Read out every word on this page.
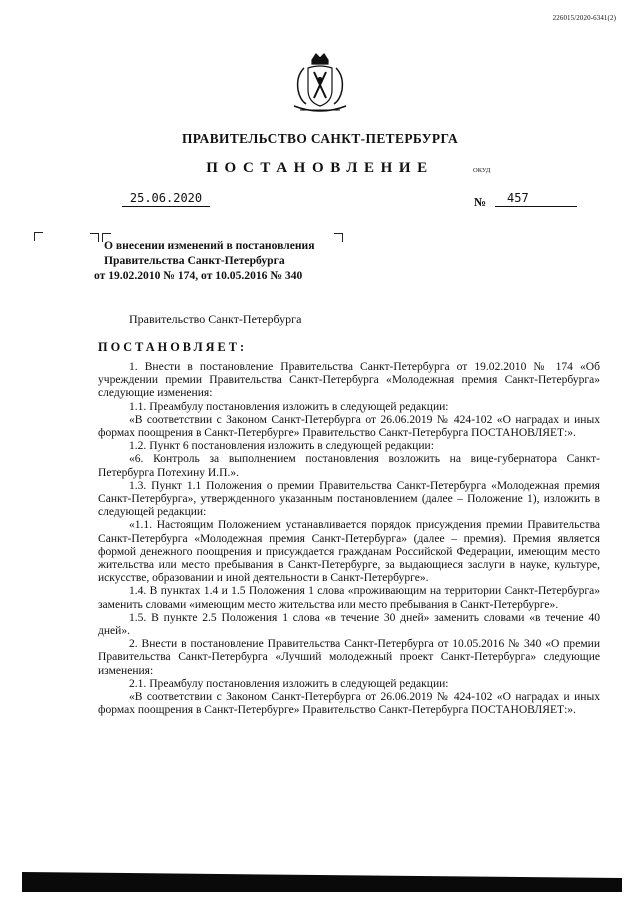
226015/2020-6341(2)
ПРАВИТЕЛЬСТВО САНКТ-ПЕТЕРБУРГА
ПОСТАНОВЛЕНИЕ	ОКУД
25.06.2020	№	457
О внесении изменений в постановления
Правительства Санкт-Петербурга
от 19.02.2010 № 174, от 10.05.2016 № 340
Правительство Санкт-Петербурга
ПОСТАНОВЛЯЕТ:

1. Внести в постановление Правительства Санкт-Петербурга от 19.02.2010 № 174 «Об учреждении премии Правительства Санкт-Петербурга «Молодежная премия Санкт-Петербурга» следующие изменения:

1.1. Преамбулу постановления изложить в следующей редакции:

«В соответствии с Законом Санкт-Петербурга от 26.06.2019 № 424-102 «О наградах и иных формах поощрения в Санкт-Петербурге» Правительство Санкт-Петербурга ПОСТАНОВЛЯЕТ:».

1.2. Пункт 6 постановления изложить в следующей редакции:

«6. Контроль за выполнением постановления возложить на вице-губернатора Санкт-Петербурга Потехину И.П.».

1.3. Пункт 1.1 Положения о премии Правительства Санкт-Петербурга «Молодежная премия Санкт-Петербурга», утвержденного указанным постановлением (далее – Положение 1), изложить в следующей редакции:

«1.1. Настоящим Положением устанавливается порядок присуждения премии Правительства Санкт-Петербурга «Молодежная премия Санкт-Петербурга» (далее – премия). Премия является формой денежного поощрения и присуждается гражданам Российской Федерации, имеющим место жительства или место пребывания в Санкт-Петербурге, за выдающиеся заслуги в науке, культуре, искусстве, образовании и иной деятельности в Санкт-Петербурге».

1.4. В пунктах 1.4 и 1.5 Положения 1 слова «проживающим на территории Санкт-Петербурга» заменить словами «имеющим место жительства или место пребывания в Санкт-Петербурге».

1.5. В пункте 2.5 Положения 1 слова «в течение 30 дней» заменить словами «в течение 40 дней».

2. Внести в постановление Правительства Санкт-Петербурга от 10.05.2016 № 340 «О премии Правительства Санкт-Петербурга «Лучший молодежный проект Санкт-Петербурга» следующие изменения:

2.1. Преамбулу постановления изложить в следующей редакции:

«В соответствии с Законом Санкт-Петербурга от 26.06.2019 № 424-102 «О наградах и иных формах поощрения в Санкт-Петербурге» Правительство Санкт-Петербурга ПОСТАНОВЛЯЕТ:».
